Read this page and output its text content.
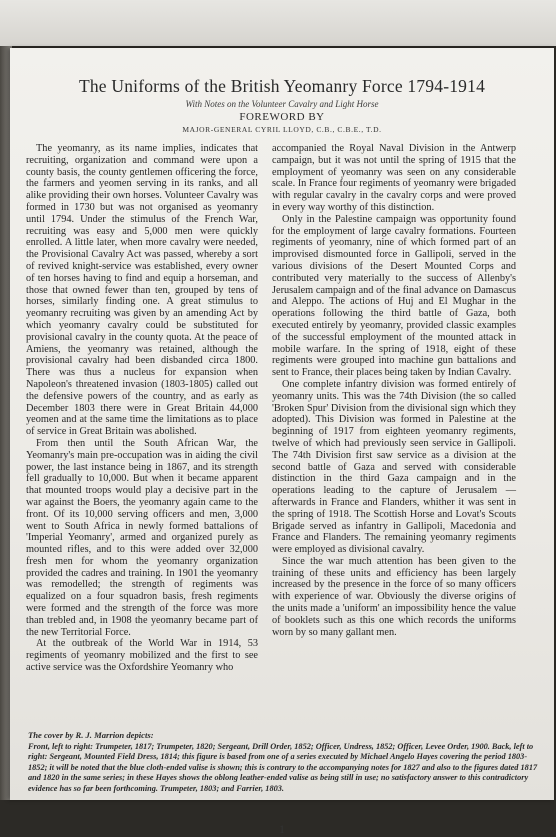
The Uniforms of the British Yeomanry Force 1794-1914
With Notes on the Volunteer Cavalry and Light Horse
FOREWORD BY
MAJOR-GENERAL CYRIL LLOYD, C.B., C.B.E., T.D.

The yeomanry, as its name implies, indicates that recruiting, organization and command were upon a county basis, the county gentlemen officering the force, the farmers and yeomen serving in its ranks, and all alike providing their own horses. Volunteer Cavalry was formed in 1730 but was not organised as yeomanry until 1794. Under the stimulus of the French War, recruiting was easy and 5,000 men were quickly enrolled. A little later, when more cavalry were needed, the Provisional Cavalry Act was passed, whereby a sort of revived knight-service was established, every owner of ten horses having to find and equip a horseman, and those that owned fewer than ten, grouped by tens of horses, similarly finding one. A great stimulus to yeomanry recruiting was given by an amending Act by which yeomanry cavalry could be substituted for provisional cavalry in the county quota. At the peace of Amiens, the yeomanry was retained, although the provisional cavalry had been disbanded circa 1800. There was thus a nucleus for expansion when Napoleon's threatened invasion (1803-1805) called out the defensive powers of the country, and as early as December 1803 there were in Great Britain 44,000 yeomen and at the same time the limitations as to place of service in Great Britain was abolished.

From then until the South African War, the Yeomanry's main pre-occupation was in aiding the civil power, the last instance being in 1867, and its strength fell gradually to 10,000. But when it became apparent that mounted troops would play a decisive part in the war against the Boers, the yeomanry again came to the front. Of its 10,000 serving officers and men, 3,000 went to South Africa in newly formed battalions of 'Imperial Yeomanry', armed and organized purely as mounted rifles, and to this were added over 32,000 fresh men for whom the yeomanry organization provided the cadres and training. In 1901 the yeomanry was remodelled; the strength of regiments was equalized on a four squadron basis, fresh regiments were formed and the strength of the force was more than trebled and, in 1908 the yeomanry became part of the new Territorial Force.

At the outbreak of the World War in 1914, 53 regiments of yeomanry mobilized and the first to see active service was the Oxfordshire Yeomanry who

accompanied the Royal Naval Division in the Antwerp campaign, but it was not until the spring of 1915 that the employment of yeomanry was seen on any considerable scale. In France four regiments of yeomanry were brigaded with regular cavalry in the cavalry corps and were proved in every way worthy of this distinction.

Only in the Palestine campaign was opportunity found for the employment of large cavalry formations. Fourteen regiments of yeomanry, nine of which formed part of an improvised dismounted force in Gallipoli, served in the various divisions of the Desert Mounted Corps and contributed very materially to the success of Allenby's Jerusalem campaign and of the final advance on Damascus and Aleppo. The actions of Huj and El Mughar in the operations following the third battle of Gaza, both executed entirely by yeomanry, provided classic examples of the successful employment of the mounted attack in mobile warfare. In the spring of 1918, eight of these regiments were grouped into machine gun battalions and sent to France, their places being taken by Indian Cavalry.

One complete infantry division was formed entirely of yeomanry units. This was the 74th Division (the so called 'Broken Spur' Division from the divisional sign which they adopted). This Division was formed in Palestine at the beginning of 1917 from eighteen yeomanry regiments, twelve of which had previously seen service in Gallipoli. The 74th Division first saw service as a division at the second battle of Gaza and served with considerable distinction in the third Gaza campaign and in the operations leading to the capture of Jerusalem — afterwards in France and Flanders, whither it was sent in the spring of 1918. The Scottish Horse and Lovat's Scouts Brigade served as infantry in Gallipoli, Macedonia and France and Flanders. The remaining yeomanry regiments were employed as divisional cavalry.

Since the war much attention has been given to the training of these units and efficiency has been largely increased by the presence in the force of so many officers with experience of war. Obviously the diverse origins of the units made a 'uniform' an impossibility hence the value of booklets such as this one which records the uniforms worn by so many gallant men.

The cover by R. J. Marrion depicts:
Front, left to right: Trumpeter, 1817; Trumpeter, 1820; Sergeant, Drill Order, 1852; Officer, Undress, 1852; Officer, Levee Order, 1900. Back, left to right: Sergeant, Mounted Field Dress, 1814; this figure is based from one of a series executed by Michael Angelo Hayes covering the period 1803-1852; it will be noted that the blue cloth-ended valise is shown; this is contrary to the accompanying notes for 1827 and also to the figures dated 1817 and 1820 in the same series; in these Hayes shows the oblong leather-ended valise as being still in use; no satisfactory answer to this contradictory evidence has so far been forthcoming. Trumpeter, 1803; and Farrier, 1803.
1
